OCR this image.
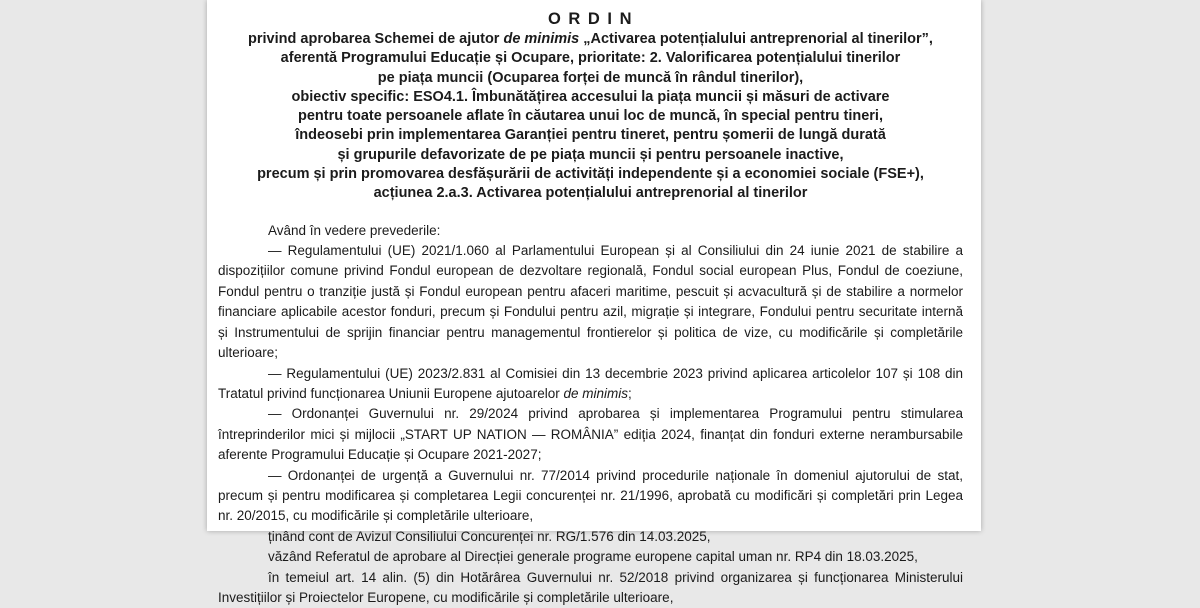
O R D I N
privind aprobarea Schemei de ajutor de minimis „Activarea potențialului antreprenorial al tinerilor”,
aferentă Programului Educație și Ocupare, prioritate: 2. Valorificarea potențialului tinerilor
pe piața muncii (Ocuparea forței de muncă în rândul tinerilor),
obiectiv specific: ESO4.1. Îmbunătățirea accesului la piața muncii și măsuri de activare
pentru toate persoanele aflate în căutarea unui loc de muncă, în special pentru tineri,
îndeosebi prin implementarea Garanției pentru tineret, pentru șomerii de lungă durată
și grupurile defavorizate de pe piața muncii și pentru persoanele inactive,
precum și prin promovarea desfășurării de activități independente și a economiei sociale (FSE+),
acțiunea 2.a.3. Activarea potențialului antreprenorial al tinerilor
Având în vedere prevederile:
— Regulamentului (UE) 2021/1.060 al Parlamentului European și al Consiliului din 24 iunie 2021 de stabilire a dispozițiilor comune privind Fondul european de dezvoltare regională, Fondul social european Plus, Fondul de coeziune, Fondul pentru o tranziție justă și Fondul european pentru afaceri maritime, pescuit și acvacultură și de stabilire a normelor financiare aplicabile acestor fonduri, precum și Fondului pentru azil, migrație și integrare, Fondului pentru securitate internă și Instrumentului de sprijin financiar pentru managementul frontierelor și politica de vize, cu modificările și completările ulterioare;
— Regulamentului (UE) 2023/2.831 al Comisiei din 13 decembrie 2023 privind aplicarea articolelor 107 și 108 din Tratatul privind funcționarea Uniunii Europene ajutoarelor de minimis;
— Ordonanței Guvernului nr. 29/2024 privind aprobarea și implementarea Programului pentru stimularea întreprinderilor mici și mijlocii „START UP NATION — ROMÂNIA” ediția 2024, finanțat din fonduri externe nerambursabile aferente Programului Educație și Ocupare 2021-2027;
— Ordonanței de urgență a Guvernului nr. 77/2014 privind procedurile naționale în domeniul ajutorului de stat, precum și pentru modificarea și completarea Legii concurenței nr. 21/1996, aprobată cu modificări și completări prin Legea nr. 20/2015, cu modificările și completările ulterioare,
ținând cont de Avizul Consiliului Concurenței nr. RG/1.576 din 14.03.2025,
văzând Referatul de aprobare al Direcției generale programe europene capital uman nr. RP4 din 18.03.2025,
în temeiul art. 14 alin. (5) din Hotărârea Guvernului nr. 52/2018 privind organizarea și funcționarea Ministerului Investițiilor și Proiectelor Europene, cu modificările și completările ulterioare,
